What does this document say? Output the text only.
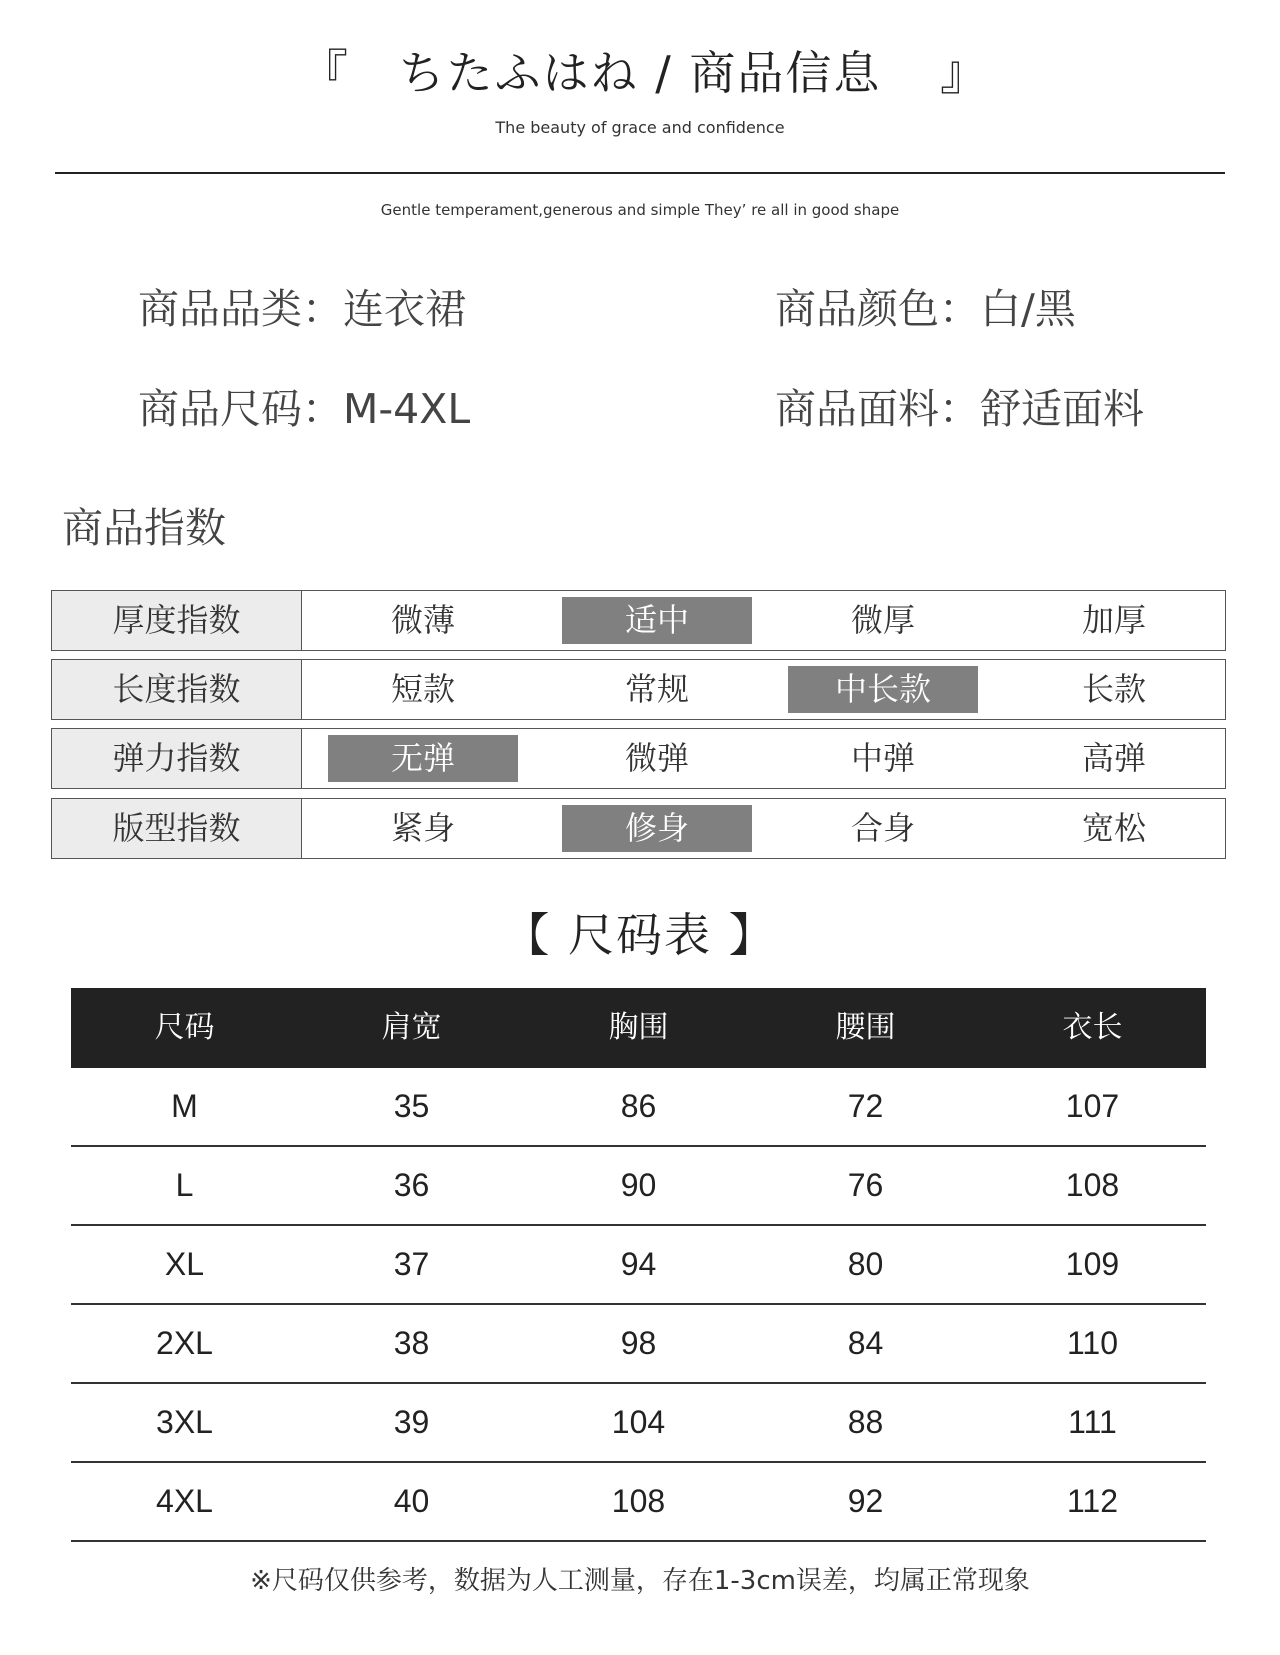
『	ちたふはね / 商品信息	』
The beauty of grace and confidence
Gentle temperament,generous and simple They’ re all in good shape
商品品类：连衣裙	商品颜色：白/黑
商品尺码：M-4XL	商品面料：舒适面料
商品指数
厚度指数	微薄	适中	微厚	加厚
长度指数	短款	常规	中长款	长款
弹力指数	无弹	微弹	中弹	高弹
版型指数	紧身	修身	合身	宽松
【 尺码表 】
尺码	肩宽	胸围	腰围	衣长
M	35	86	72	107
L	36	90	76	108
XL	37	94	80	109
2XL	38	98	84	110
3XL	39	104	88	111
4XL	40	108	92	112
※尺码仅供参考，数据为人工测量，存在1-3cm误差，均属正常现象
